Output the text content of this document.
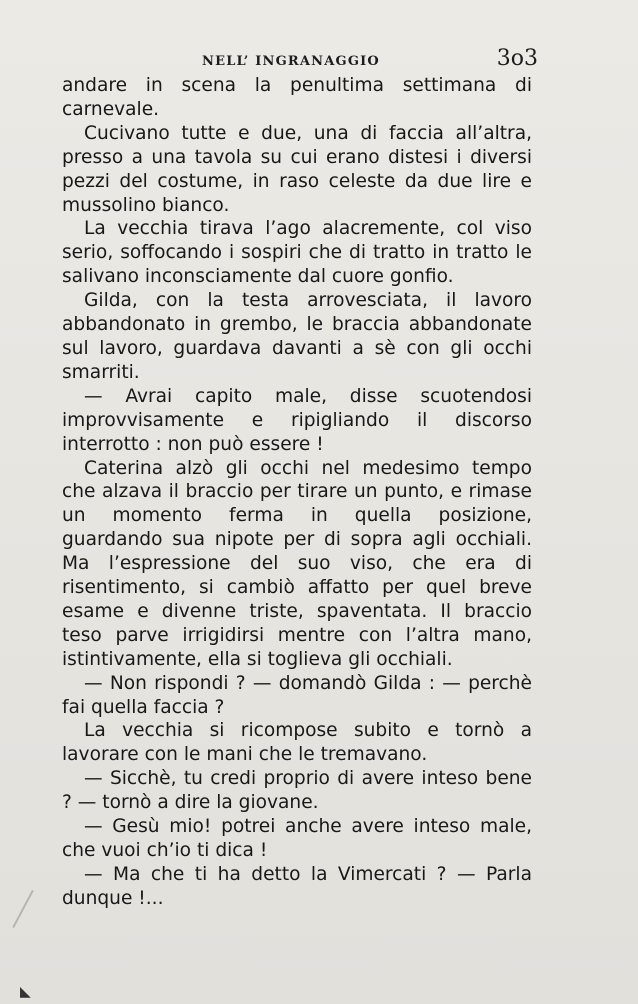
NELL’ INGRANAGGIO	3o3

andare in scena la penultima settimana di carnevale.

Cucivano tutte e due, una di faccia all’altra, presso a una tavola su cui erano distesi i diversi pezzi del costume, in raso celeste da due lire e mussolino bianco.

La vecchia tirava l’ago alacremente, col viso serio, soffocando i sospiri che di tratto in tratto le salivano inconsciamente dal cuore gonfio.

Gilda, con la testa arrovesciata, il lavoro abbandonato in grembo, le braccia abbandonate sul lavoro, guardava davanti a sè con gli occhi smarriti.

— Avrai capito male, disse scuotendosi improvvisamente e ripigliando il discorso interrotto : non può essere !

Caterina alzò gli occhi nel medesimo tempo che alzava il braccio per tirare un punto, e rimase un momento ferma in quella posizione, guardando sua nipote per di sopra agli occhiali. Ma l’espressione del suo viso, che era di risentimento, si cambiò affatto per quel breve esame e divenne triste, spaventata. Il braccio teso parve irrigidirsi mentre con l’altra mano, istintivamente, ella si toglieva gli occhiali.

— Non rispondi ? — domandò Gilda : — perchè fai quella faccia ?

La vecchia si ricompose subito e tornò a lavorare con le mani che le tremavano.

— Sicchè, tu credi proprio di avere inteso bene ? — tornò a dire la giovane.

— Gesù mio! potrei anche avere inteso male, che vuoi ch’io ti dica !

— Ma che ti ha detto la Vimercati ? — Parla dunque !...

◣
